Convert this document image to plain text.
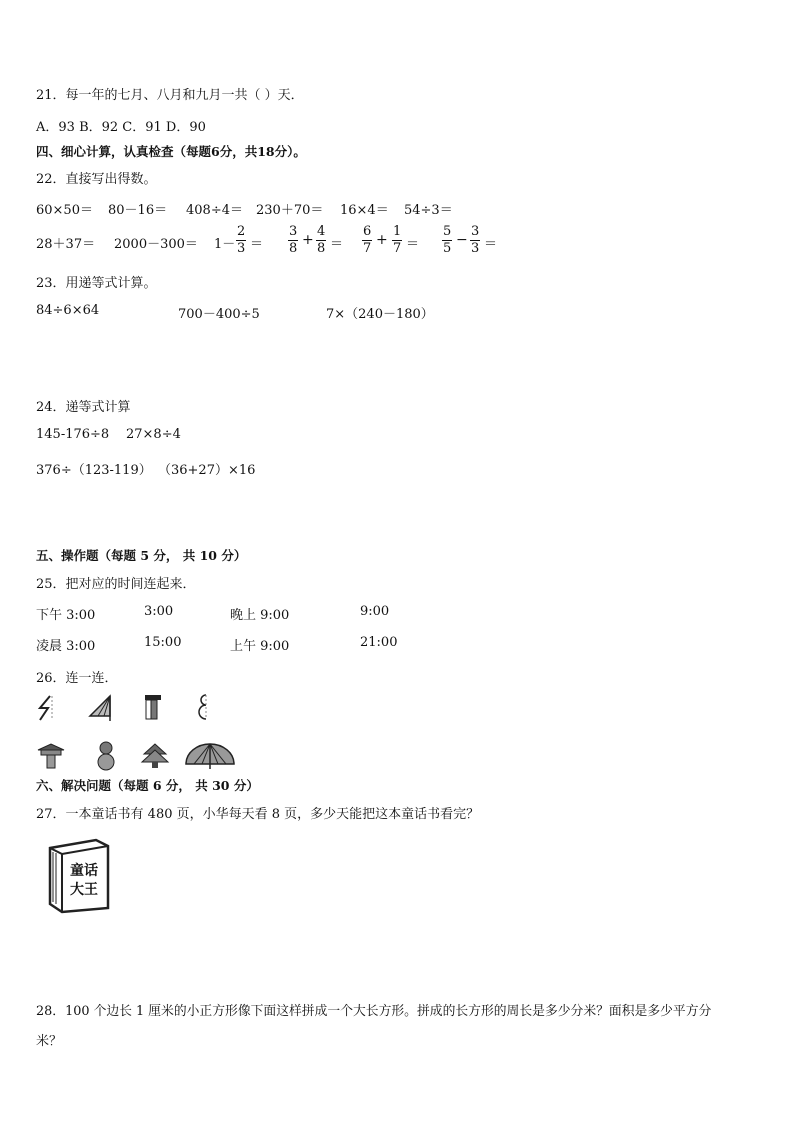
21．每一年的七月、八月和九月一共（ ）天．
A．93 B．92 C．91 D．90
四、细心计算，认真检查（每题6分，共18分）。
22．直接写出得数。
60×50＝ 80－16＝ 408÷4＝ 230＋70＝ 16×4＝ 54÷3＝
$28+37= 2000-300= 1- \frac{2}{3} = \frac{3}{8} + \frac{4}{8} = \frac{6}{7} + \frac{1}{7} = \frac{5}{5} - \frac{3}{3}$ ＝
23．用递等式计算。
84÷6×64	700－400÷5	7×（240－180）
24．递等式计算
145-176÷8 27×8÷4
376÷（123-119） （36+27）×16
五、操作题（每题 5 分， 共 10 分）
25．把对应的时间连起来．
下午 3:00	3:00	晚上 9:00	9:00
凌晨 3:00	15:00	上午 9:00	21:00
26．连一连．
六、解决问题（每题 6 分， 共 30 分）
27．一本童话书有 480 页，小华每天看 8 页，多少天能把这本童话书看完？
童话
大王
28．100 个边长 1 厘米的小正方形像下面这样拼成一个大长方形。拼成的长方形的周长是多少分米？面积是多少平方分
米？
